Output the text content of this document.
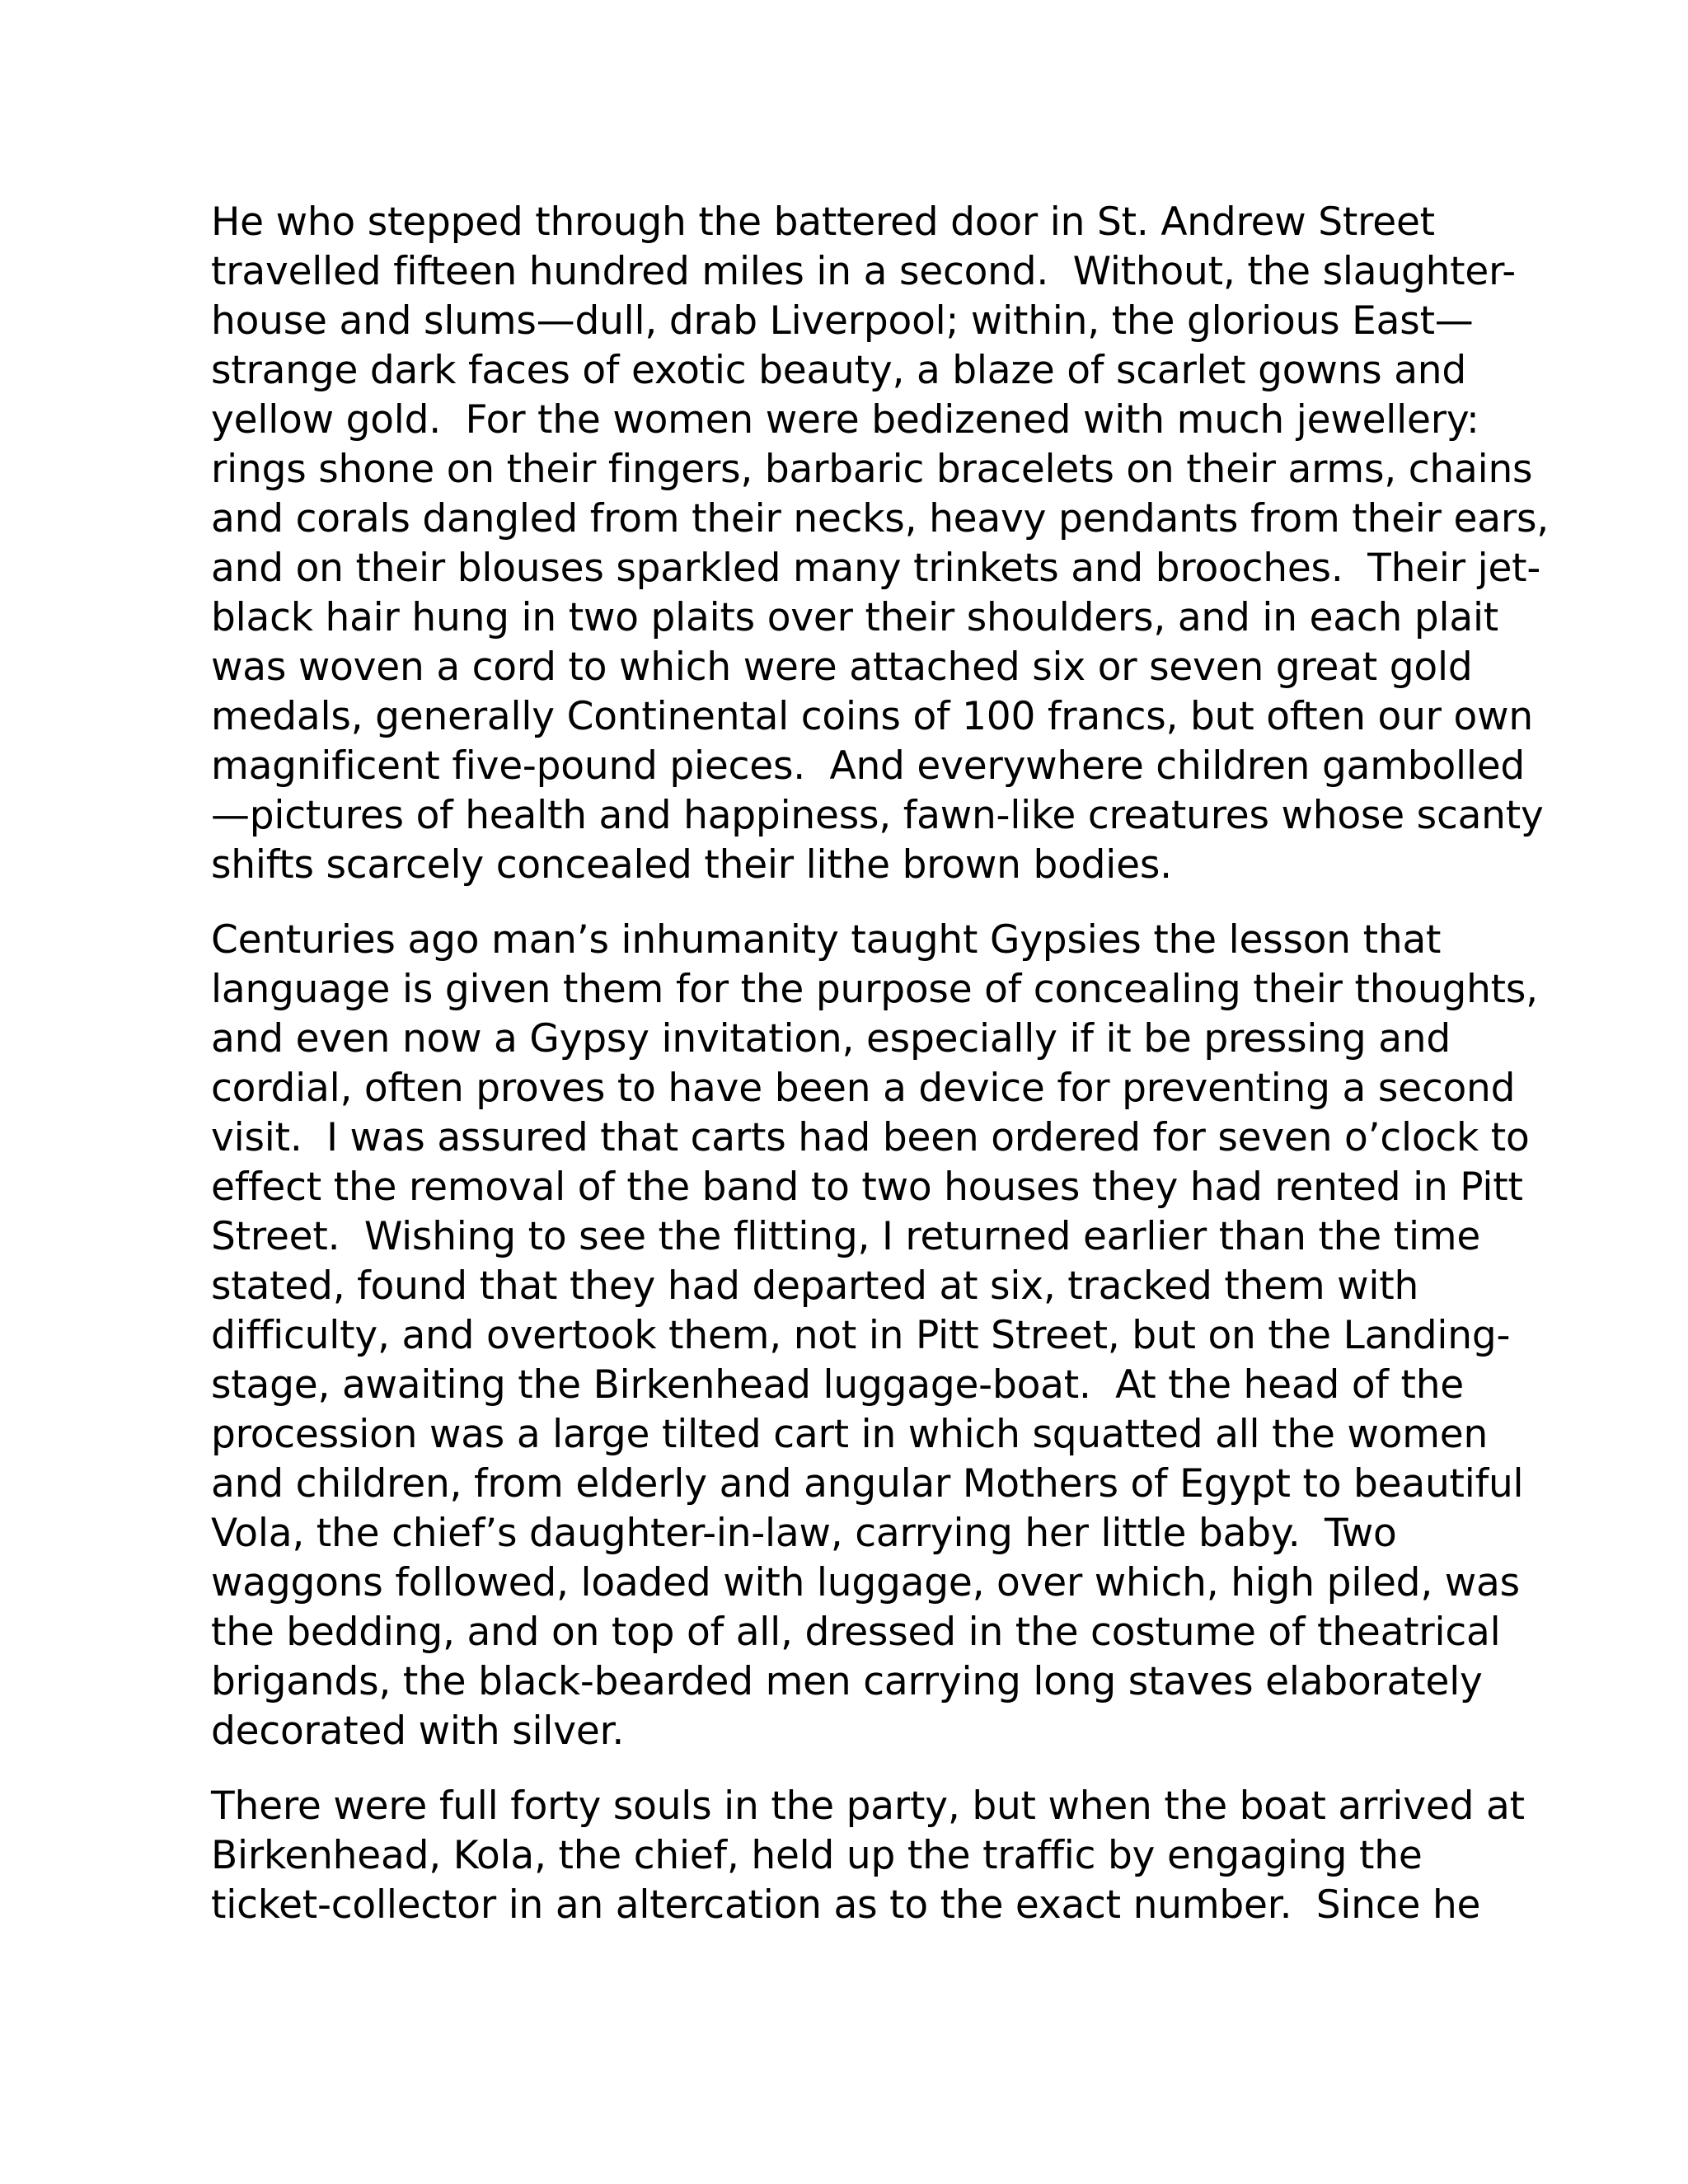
He who stepped through the battered door in St. Andrew Street
travelled fifteen hundred miles in a second.  Without, the slaughter-
house and slums—dull, drab Liverpool; within, the glorious East—
strange dark faces of exotic beauty, a blaze of scarlet gowns and
yellow gold.  For the women were bedizened with much jewellery:
rings shone on their fingers, barbaric bracelets on their arms, chains
and corals dangled from their necks, heavy pendants from their ears,
and on their blouses sparkled many trinkets and brooches.  Their jet-
black hair hung in two plaits over their shoulders, and in each plait
was woven a cord to which were attached six or seven great gold
medals, generally Continental coins of 100 francs, but often our own
magnificent five-pound pieces.  And everywhere children gambolled
—pictures of health and happiness, fawn-like creatures whose scanty
shifts scarcely concealed their lithe brown bodies.
Centuries ago man’s inhumanity taught Gypsies the lesson that
language is given them for the purpose of concealing their thoughts,
and even now a Gypsy invitation, especially if it be pressing and
cordial, often proves to have been a device for preventing a second
visit.  I was assured that carts had been ordered for seven o’clock to
effect the removal of the band to two houses they had rented in Pitt
Street.  Wishing to see the flitting, I returned earlier than the time
stated, found that they had departed at six, tracked them with
difficulty, and overtook them, not in Pitt Street, but on the Landing-
stage, awaiting the Birkenhead luggage-boat.  At the head of the
procession was a large tilted cart in which squatted all the women
and children, from elderly and angular Mothers of Egypt to beautiful
Vola, the chief’s daughter-in-law, carrying her little baby.  Two
waggons followed, loaded with luggage, over which, high piled, was
the bedding, and on top of all, dressed in the costume of theatrical
brigands, the black-bearded men carrying long staves elaborately
decorated with silver.
There were full forty souls in the party, but when the boat arrived at
Birkenhead, Kola, the chief, held up the traffic by engaging the
ticket-collector in an altercation as to the exact number.  Since he
